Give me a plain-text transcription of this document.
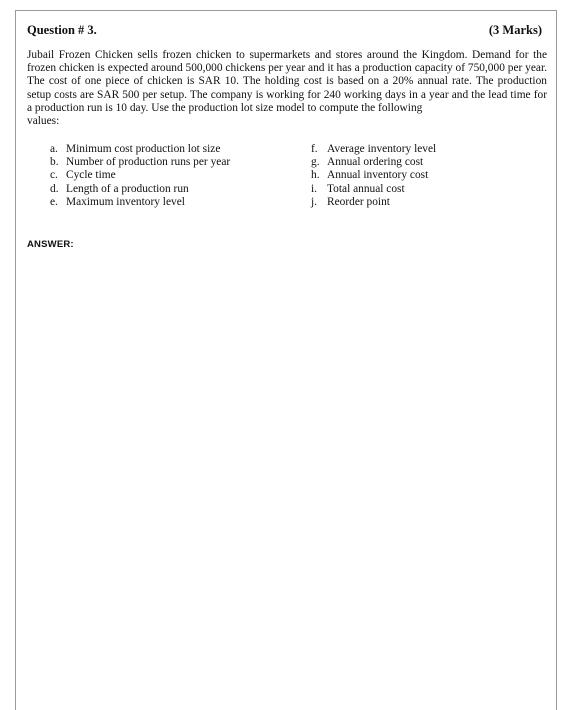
Question # 3.	(3 Marks)

Jubail Frozen Chicken sells frozen chicken to supermarkets and stores around the Kingdom. Demand for the frozen chicken is expected around 500,000 chickens per year and it has a production capacity of 750,000 per year. The cost of one piece of chicken is SAR 10. The holding cost is based on a 20% annual rate. The production setup costs are SAR 500 per setup. The company is working for 240 working days in a year and the lead time for a production run is 10 day. Use the production lot size model to compute the following
values:

a. Minimum cost production lot size
b. Number of production runs per year
c. Cycle time
d. Length of a production run
e. Maximum inventory level
f. Average inventory level
g. Annual ordering cost
h. Annual inventory cost
i. Total annual cost
j. Reorder point
ANSWER:
